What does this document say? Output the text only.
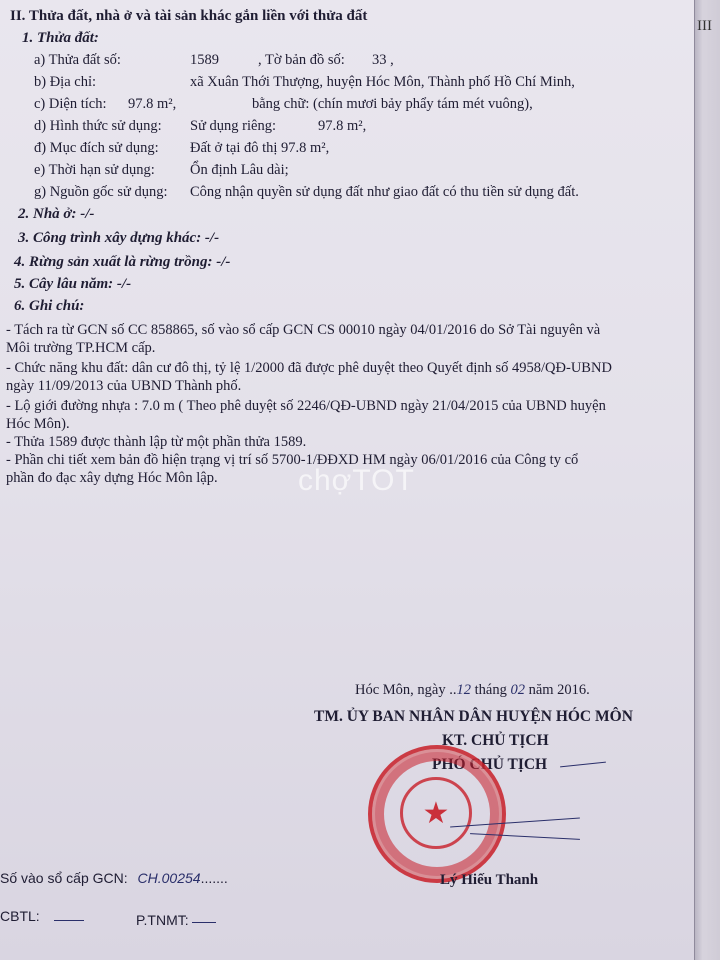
III
II. Thửa đất, nhà ở và tài sản khác gắn liền với thửa đất
1. Thửa đất:
a) Thửa đất số:	1589	, Tờ bản đồ số: 33 ,
b) Địa chỉ:	xã Xuân Thới Thượng, huyện Hóc Môn, Thành phố Hồ Chí Minh,
c) Diện tích: 97.8 m²,	bằng chữ: (chín mươi bảy phẩy tám mét vuông),
d) Hình thức sử dụng: Sử dụng riêng:	97.8 m²,
đ) Mục đích sử dụng: Đất ở tại đô thị 97.8 m²,
e) Thời hạn sử dụng: Ổn định Lâu dài;
g) Nguồn gốc sử dụng: Công nhận quyền sử dụng đất như giao đất có thu tiền sử dụng đất.
2. Nhà ở: -/-
3. Công trình xây dựng khác: -/-
4. Rừng sản xuất là rừng trồng: -/-
5. Cây lâu năm: -/-
6. Ghi chú:
- Tách ra từ GCN số CC 858865, số vào sổ cấp GCN CS 00010 ngày 04/01/2016 do Sở Tài nguyên và
Môi trường TP.HCM cấp.
- Chức năng khu đất: dân cư đô thị, tỷ lệ 1/2000 đã được phê duyệt theo Quyết định số 4958/QĐ-UBND
ngày 11/09/2013 của UBND Thành phố.
- Lộ giới đường nhựa : 7.0 m ( Theo phê duyệt số 2246/QĐ-UBND ngày 21/04/2015 của UBND huyện
Hóc Môn).
- Thửa 1589 được thành lập từ một phần thửa 1589.
- Phần chi tiết xem bản đồ hiện trạng vị trí số 5700-1/ĐĐXD HM ngày 06/01/2016 của Công ty cổ
phần đo đạc xây dựng Hóc Môn lập.	chợTOT
Hóc Môn, ngày ..12 tháng 02 năm 2016.
TM. ỦY BAN NHÂN DÂN HUYỆN HÓC MÔN
KT. CHỦ TỊCH
PHÓ CHỦ TỊCH
★
Lý Hiếu Thanh
Số vào sổ cấp GCN: CH.00254.......
CBTL:	P.TNMT:
